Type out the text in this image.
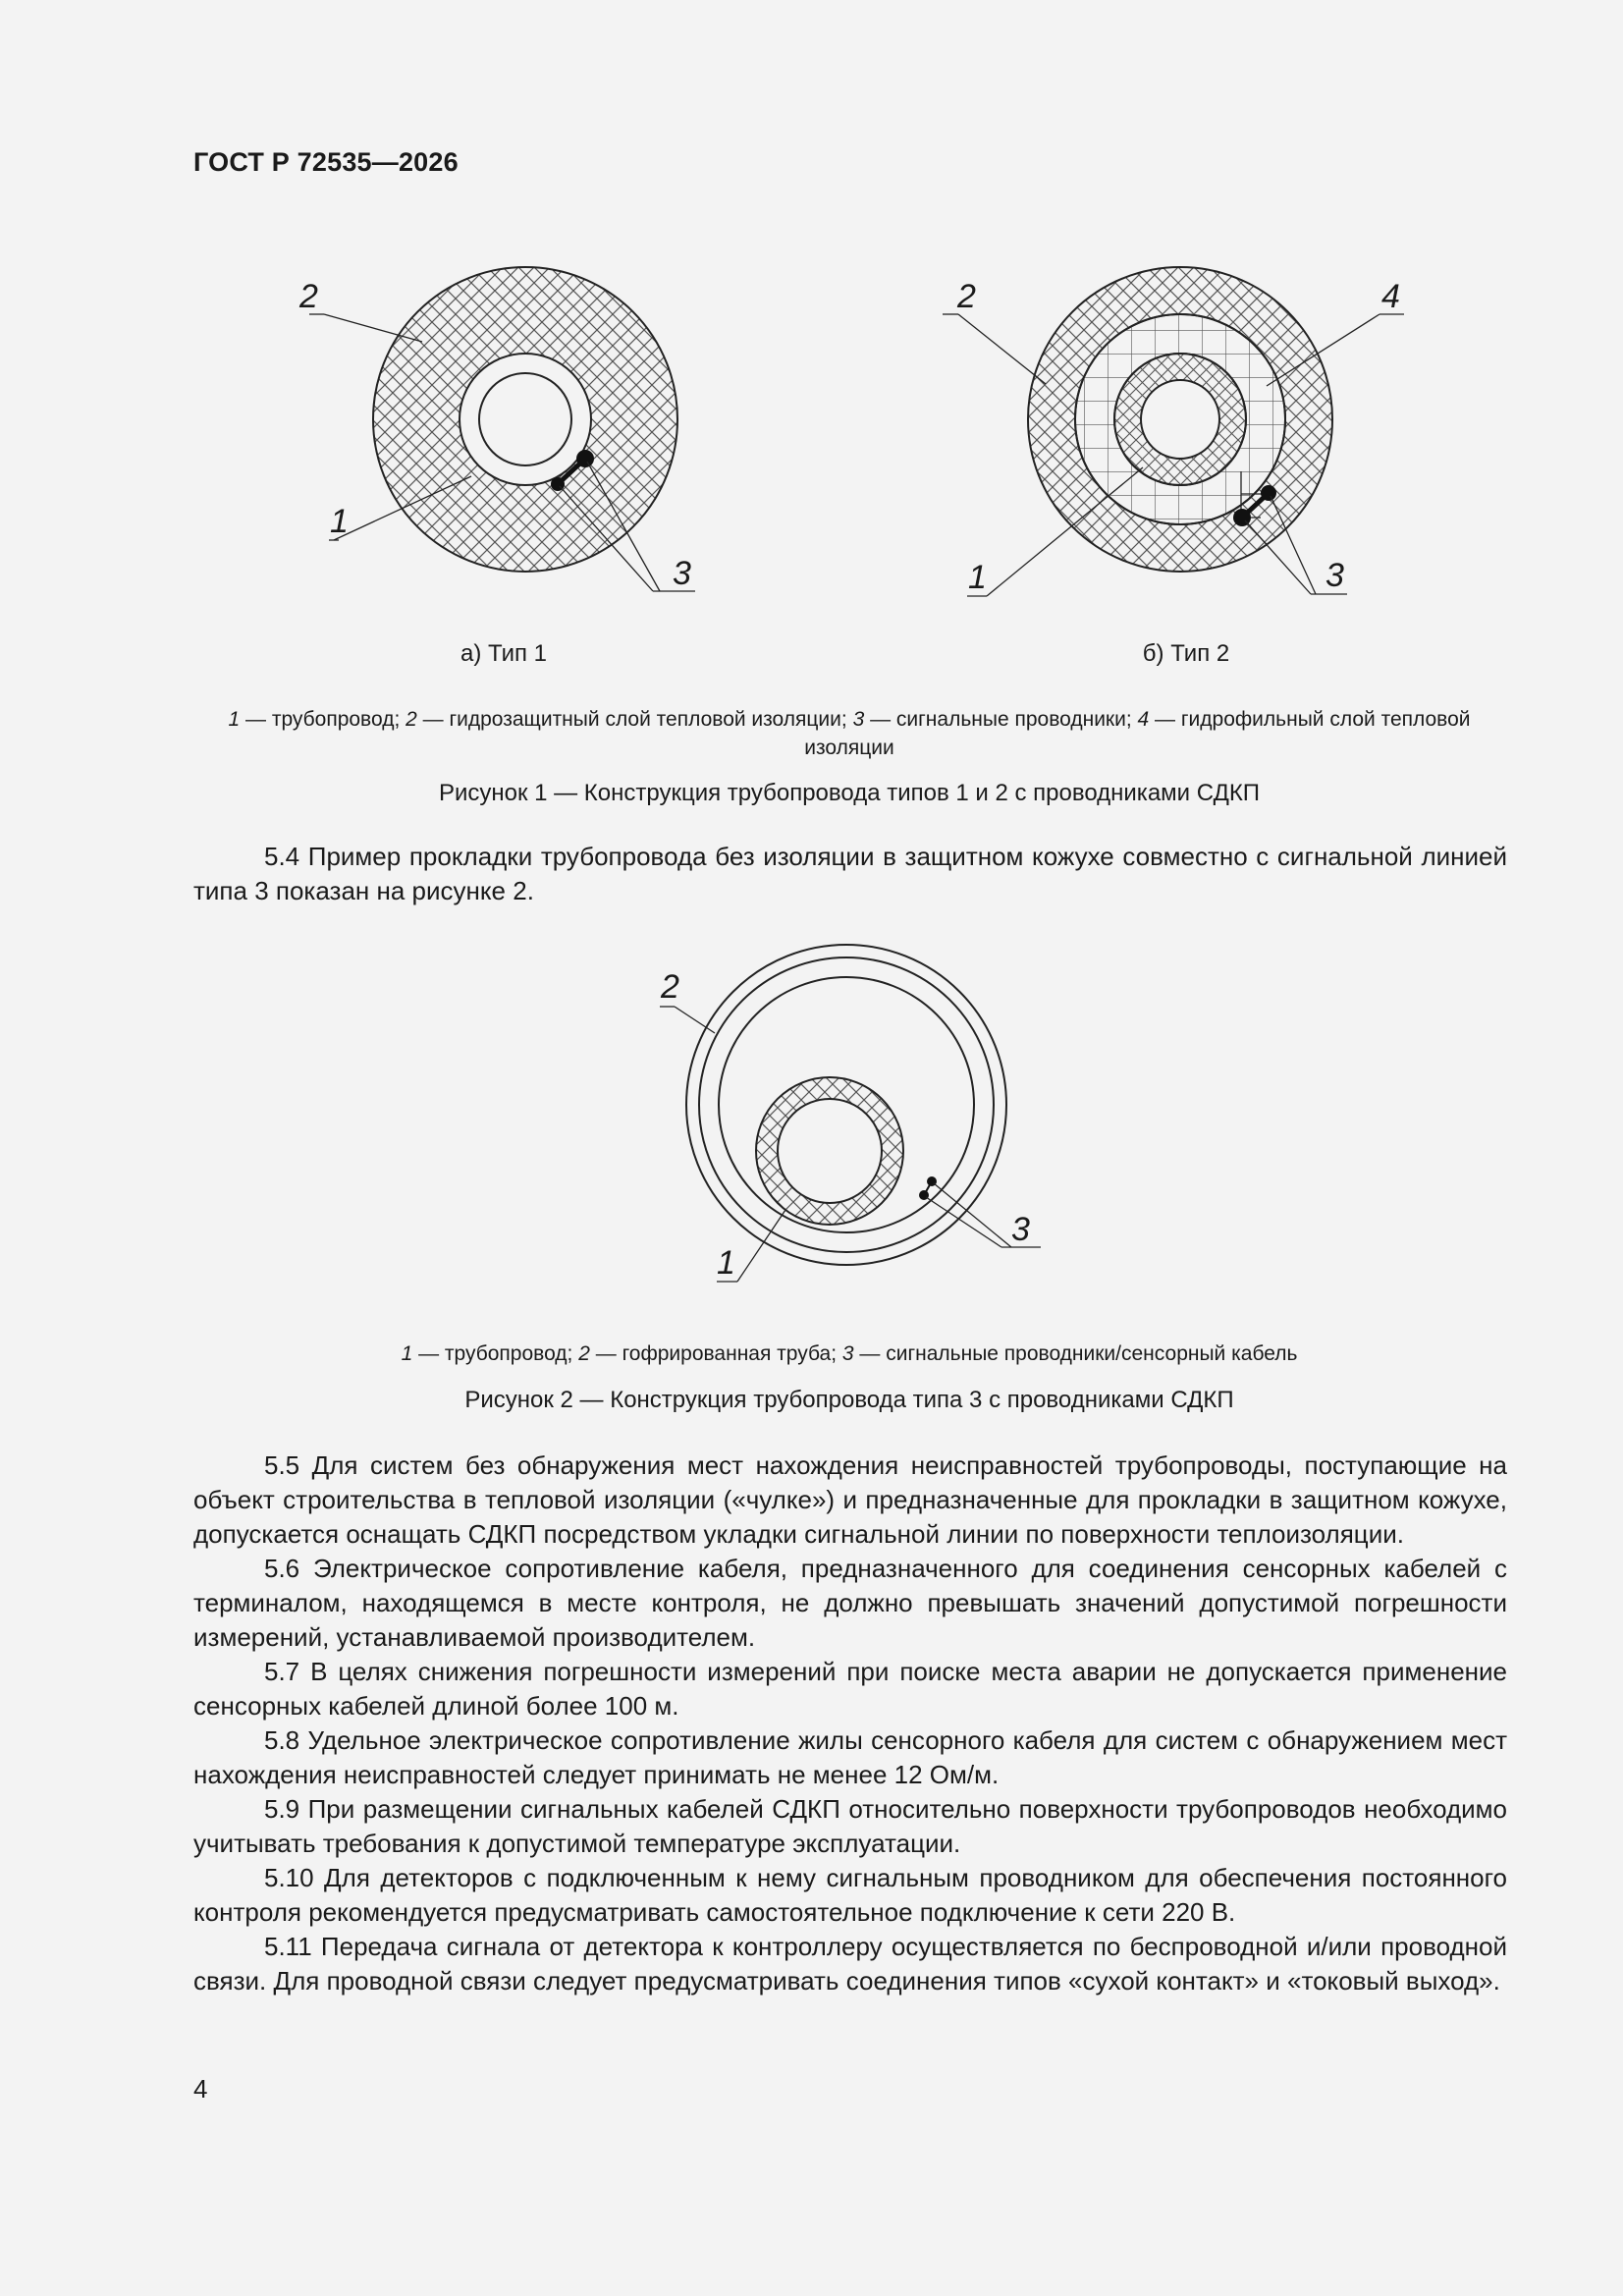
ГОСТ Р 72535—2026
2
1
3
2	4
1	3
а) Тип 1	б) Тип 2
1 — трубопровод; 2 — гидрозащитный слой тепловой изоляции; 3 — сигнальные проводники; 4 — гидрофильный слой тепловой изоляции
Рисунок 1 — Конструкция трубопровода типов 1 и 2 с проводниками СДКП

5.4 Пример прокладки трубопровода без изоляции в защитном кожухе совместно с сигнальной линией типа 3 показан на рисунке 2.

2
3
1
1 — трубопровод; 2 — гофрированная труба; 3 — сигнальные проводники/сенсорный кабель
Рисунок 2 — Конструкция трубопровода типа 3 с проводниками СДКП

5.5 Для систем без обнаружения мест нахождения неисправностей трубопроводы, поступающие на объект строительства в тепловой изоляции («чулке») и предназначенные для прокладки в защитном кожухе, допускается оснащать СДКП посредством укладки сигнальной линии по поверхности теплоизоляции.

5.6 Электрическое сопротивление кабеля, предназначенного для соединения сенсорных кабелей с терминалом, находящемся в месте контроля, не должно превышать значений допустимой погрешности измерений, устанавливаемой производителем.

5.7 В целях снижения погрешности измерений при поиске места аварии не допускается применение сенсорных кабелей длиной более 100 м.

5.8 Удельное электрическое сопротивление жилы сенсорного кабеля для систем с обнаружением мест нахождения неисправностей следует принимать не менее 12 Ом/м.

5.9 При размещении сигнальных кабелей СДКП относительно поверхности трубопроводов необходимо учитывать требования к допустимой температуре эксплуатации.

5.10 Для детекторов с подключенным к нему сигнальным проводником для обеспечения постоянного контроля рекомендуется предусматривать самостоятельное подключение к сети 220 В.

5.11 Передача сигнала от детектора к контроллеру осуществляется по беспроводной и/или проводной связи. Для проводной связи следует предусматривать соединения типов «сухой контакт» и «токовый выход».

4
